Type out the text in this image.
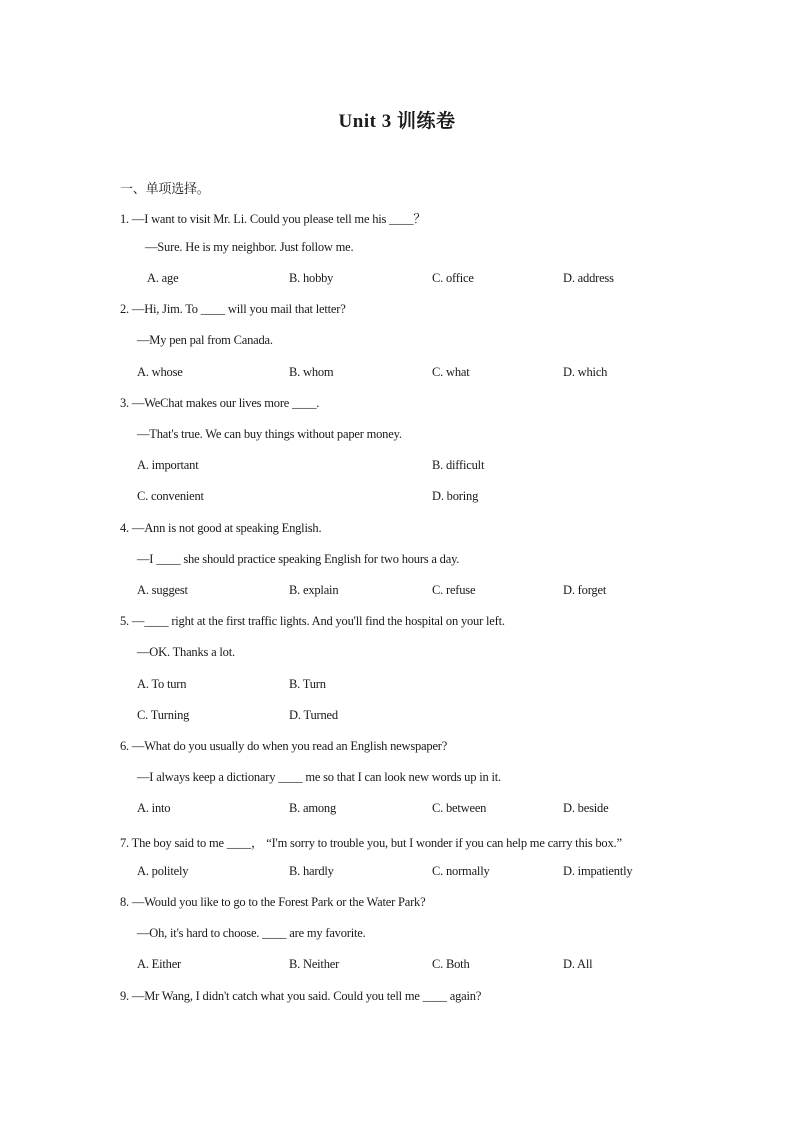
Unit 3 训练卷
一、单项选择。
1. —I want to visit Mr. Li. Could you please tell me his ____？
—Sure. He is my neighbor. Just follow me.
A. age	B. hobby	C. office	D. address
2. —Hi, Jim. To ____ will you mail that letter?
—My pen pal from Canada.
A. whose	B. whom	C. what	D. which
3. —WeChat makes our lives more ____.
—That's true. We can buy things without paper money.
A. important	B. difficult
C. convenient	D. boring
4. —Ann is not good at speaking English.
—I ____ she should practice speaking English for two hours a day.
A. suggest	B. explain	C. refuse	D. forget
5. —____ right at the first traffic lights. And you'll find the hospital on your left.
—OK. Thanks a lot.
A. To turn	B. Turn
C. Turning	D. Turned
6. —What do you usually do when you read an English newspaper?
—I always keep a dictionary ____ me so that I can look new words up in it.
A. into	B. among	C. between	D. beside
7. The boy said to me ____， “I'm sorry to trouble you, but I wonder if you can help me carry this box.”
A. politely	B. hardly	C. normally	D. impatiently
8. —Would you like to go to the Forest Park or the Water Park?
—Oh, it's hard to choose. ____ are my favorite.
A. Either	B. Neither	C. Both	D. All
9. —Mr Wang, I didn't catch what you said. Could you tell me ____ again?
